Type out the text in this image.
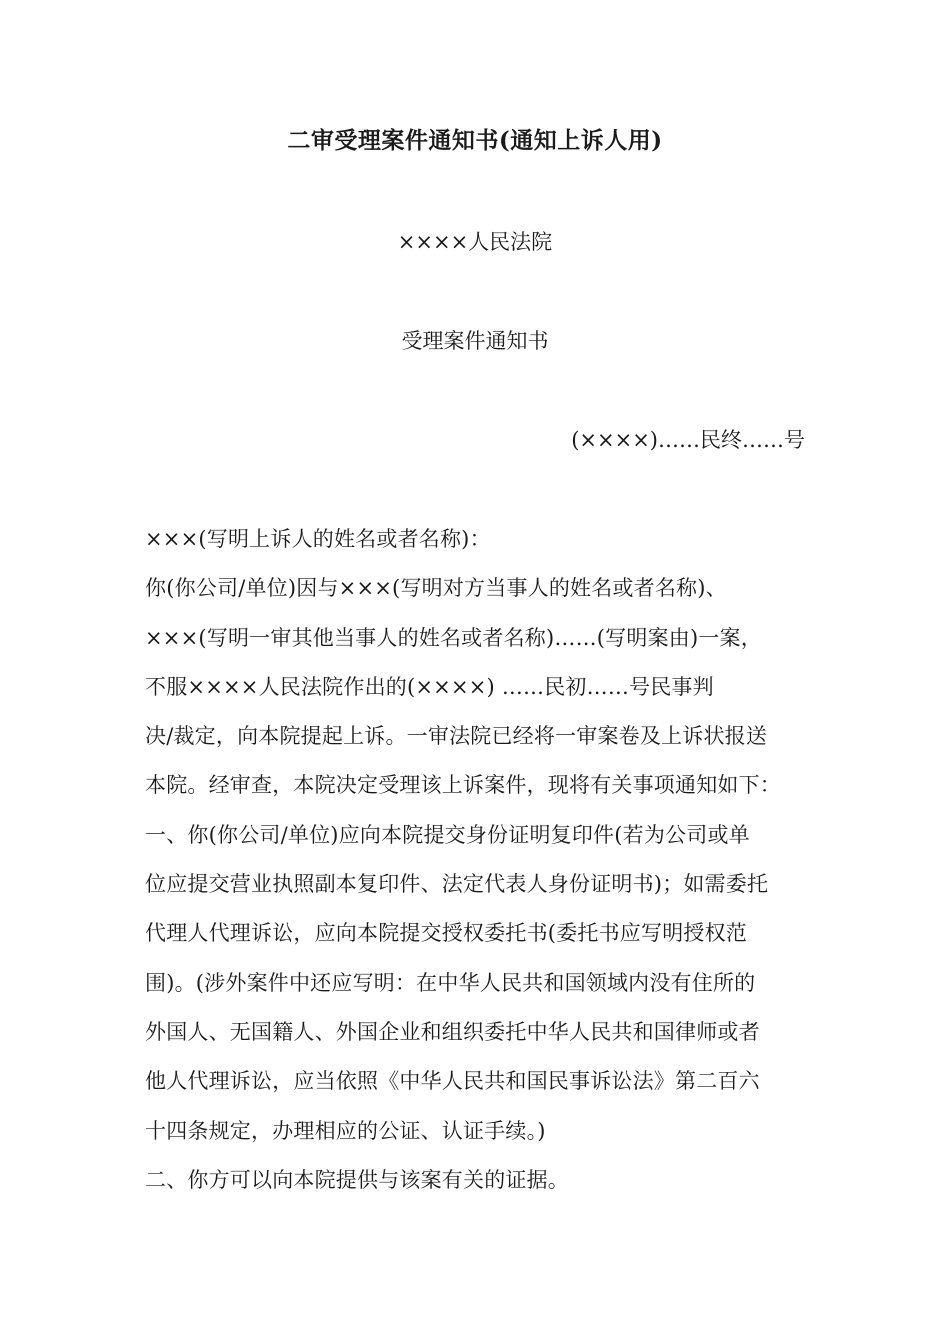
二审受理案件通知书(通知上诉人用)
××××人民法院
受理案件通知书
(××××)……民终……号
×××(写明上诉人的姓名或者名称)：
你(你公司/单位)因与×××(写明对方当事人的姓名或者名称)、
×××(写明一审其他当事人的姓名或者名称)……(写明案由)一案，
不服××××人民法院作出的(××××) ……民初……号民事判
决/裁定，向本院提起上诉。一审法院已经将一审案卷及上诉状报送
本院。经审查，本院决定受理该上诉案件，现将有关事项通知如下：
一、你(你公司/单位)应向本院提交身份证明复印件(若为公司或单
位应提交营业执照副本复印件、法定代表人身份证明书)；如需委托
代理人代理诉讼，应向本院提交授权委托书(委托书应写明授权范
围)。(涉外案件中还应写明：在中华人民共和国领域内没有住所的
外国人、无国籍人、外国企业和组织委托中华人民共和国律师或者
他人代理诉讼，应当依照《中华人民共和国民事诉讼法》第二百六
十四条规定，办理相应的公证、认证手续。)
二、你方可以向本院提供与该案有关的证据。
